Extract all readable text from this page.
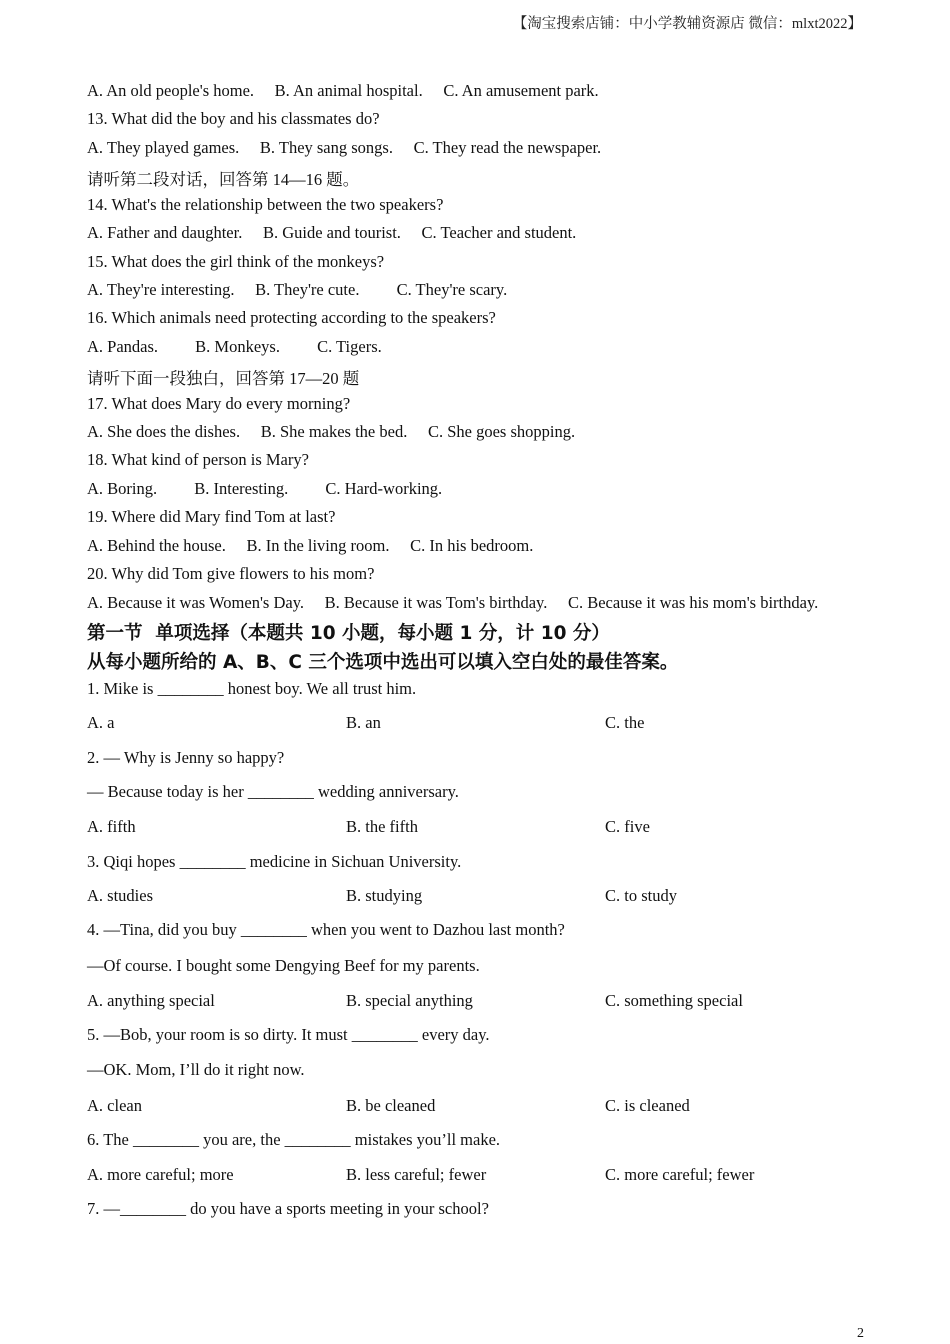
【淘宝搜索店铺：中小学教辅资源店 微信：mlxt2022】
A. An old people's home.     B. An animal hospital.     C. An amusement park.
13. What did the boy and his classmates do?
A. They played games.     B. They sang songs.     C. They read the newspaper.
请听第二段对话，回答第 14—16 题。
14. What's the relationship between the two speakers?
A. Father and daughter.     B. Guide and tourist.     C. Teacher and student.
15. What does the girl think of the monkeys?
A. They're interesting.     B. They're cute.         C. They're scary.
16. Which animals need protecting according to the speakers?
A. Pandas.         B. Monkeys.         C. Tigers.
请听下面一段独白，回答第 17—20 题
17. What does Mary do every morning?
A. She does the dishes.     B. She makes the bed.     C. She goes shopping.
18. What kind of person is Mary?
A. Boring.         B. Interesting.         C. Hard-working.
19. Where did Mary find Tom at last?
A. Behind the house.     B. In the living room.     C. In his bedroom.
20. Why did Tom give flowers to his mom?
A. Because it was Women's Day.     B. Because it was Tom's birthday.     C. Because it was his mom's birthday.
第一节  单项选择（本题共 10 小题，每小题 1 分，计 10 分）
从每小题所给的 A、B、C 三个选项中选出可以填入空白处的最佳答案。
1. Mike is ________ honest boy. We all trust him.
A. a	B. an	C. the
2. — Why is Jenny so happy?
— Because today is her ________ wedding anniversary.
A. fifth	B. the fifth	C. five
3. Qiqi hopes ________ medicine in Sichuan University.
A. studies	B. studying	C. to study
4. —Tina, did you buy ________ when you went to Dazhou last month?
—Of course. I bought some Dengying Beef for my parents.
A. anything special	B. special anything	C. something special
5. —Bob, your room is so dirty. It must ________ every day.
—OK. Mom, I’ll do it right now.
A. clean	B. be cleaned	C. is cleaned
6. The ________ you are, the ________ mistakes you’ll make.
A. more careful; more	B. less careful; fewer	C. more careful; fewer
7. —________ do you have a sports meeting in your school?
2
